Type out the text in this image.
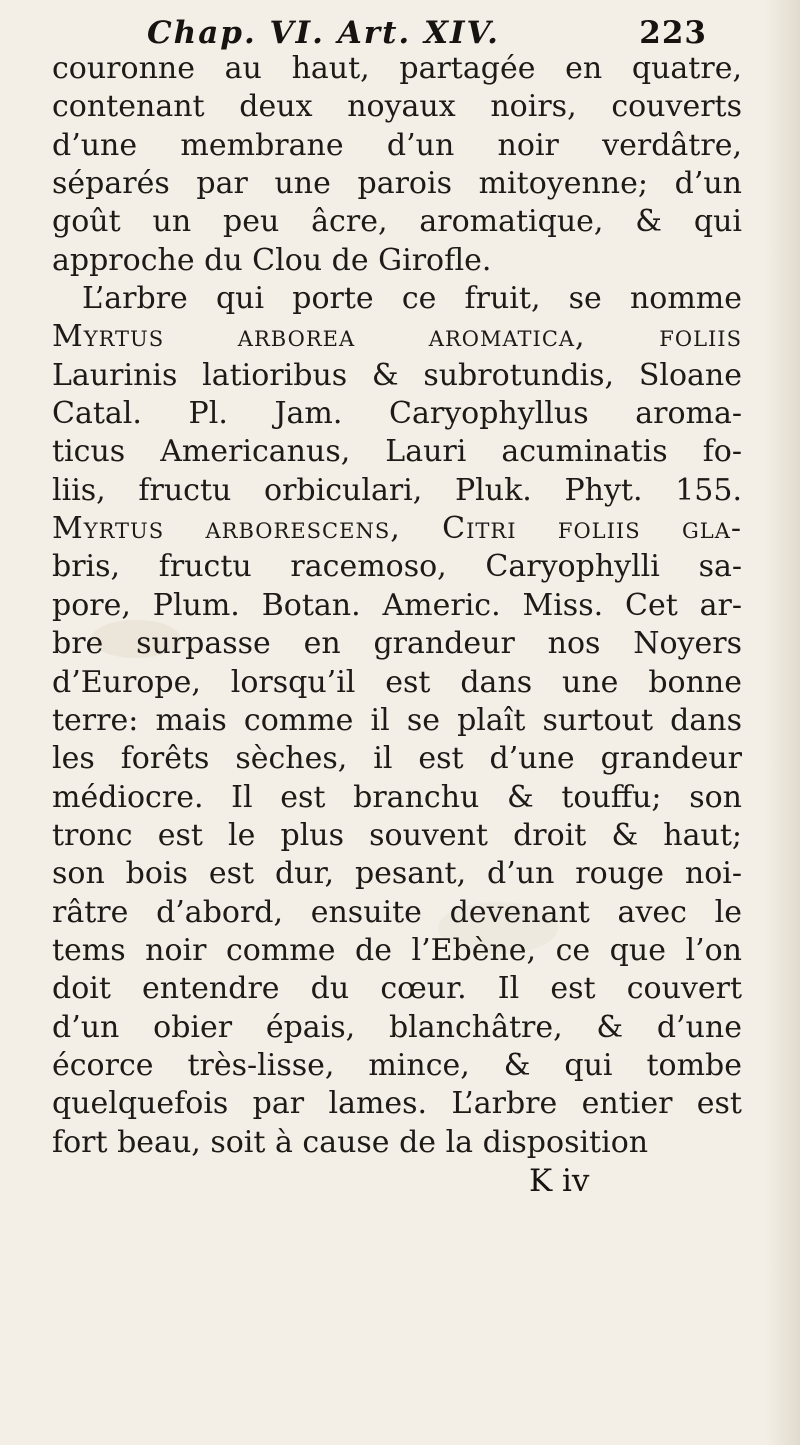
Chap. VI. Art. XIV.	223
couronne au haut, partagée en quatre,
contenant deux noyaux noirs, couverts
d’une membrane d’un noir verdâtre,
séparés par une parois mitoyenne; d’un
goût un peu âcre, aromatique, & qui
approche du Clou de Girofle.
L’arbre qui porte ce fruit, se nomme
Myrtus arborea aromatica, foliis
Laurinis latioribus & subrotundis, Sloane
Catal. Pl. Jam. Caryophyllus aroma-
ticus Americanus, Lauri acuminatis fo-
liis, fructu orbiculari, Pluk. Phyt. 155.
Myrtus arborescens, Citri foliis gla-
bris, fructu racemoso, Caryophylli sa-
pore, Plum. Botan. Americ. Miss. Cet ar-
bre surpasse en grandeur nos Noyers
d’Europe, lorsqu’il est dans une bonne
terre: mais comme il se plaît surtout dans
les forêts sèches, il est d’une grandeur
médiocre. Il est branchu & touffu; son
tronc est le plus souvent droit & haut;
son bois est dur, pesant, d’un rouge noi-
râtre d’abord, ensuite devenant avec le
tems noir comme de l’Ebène, ce que l’on
doit entendre du cœur. Il est couvert
d’un obier épais, blanchâtre, & d’une
écorce très-lisse, mince, & qui tombe
quelquefois par lames. L’arbre entier est
fort beau, soit à cause de la disposition
K iv
